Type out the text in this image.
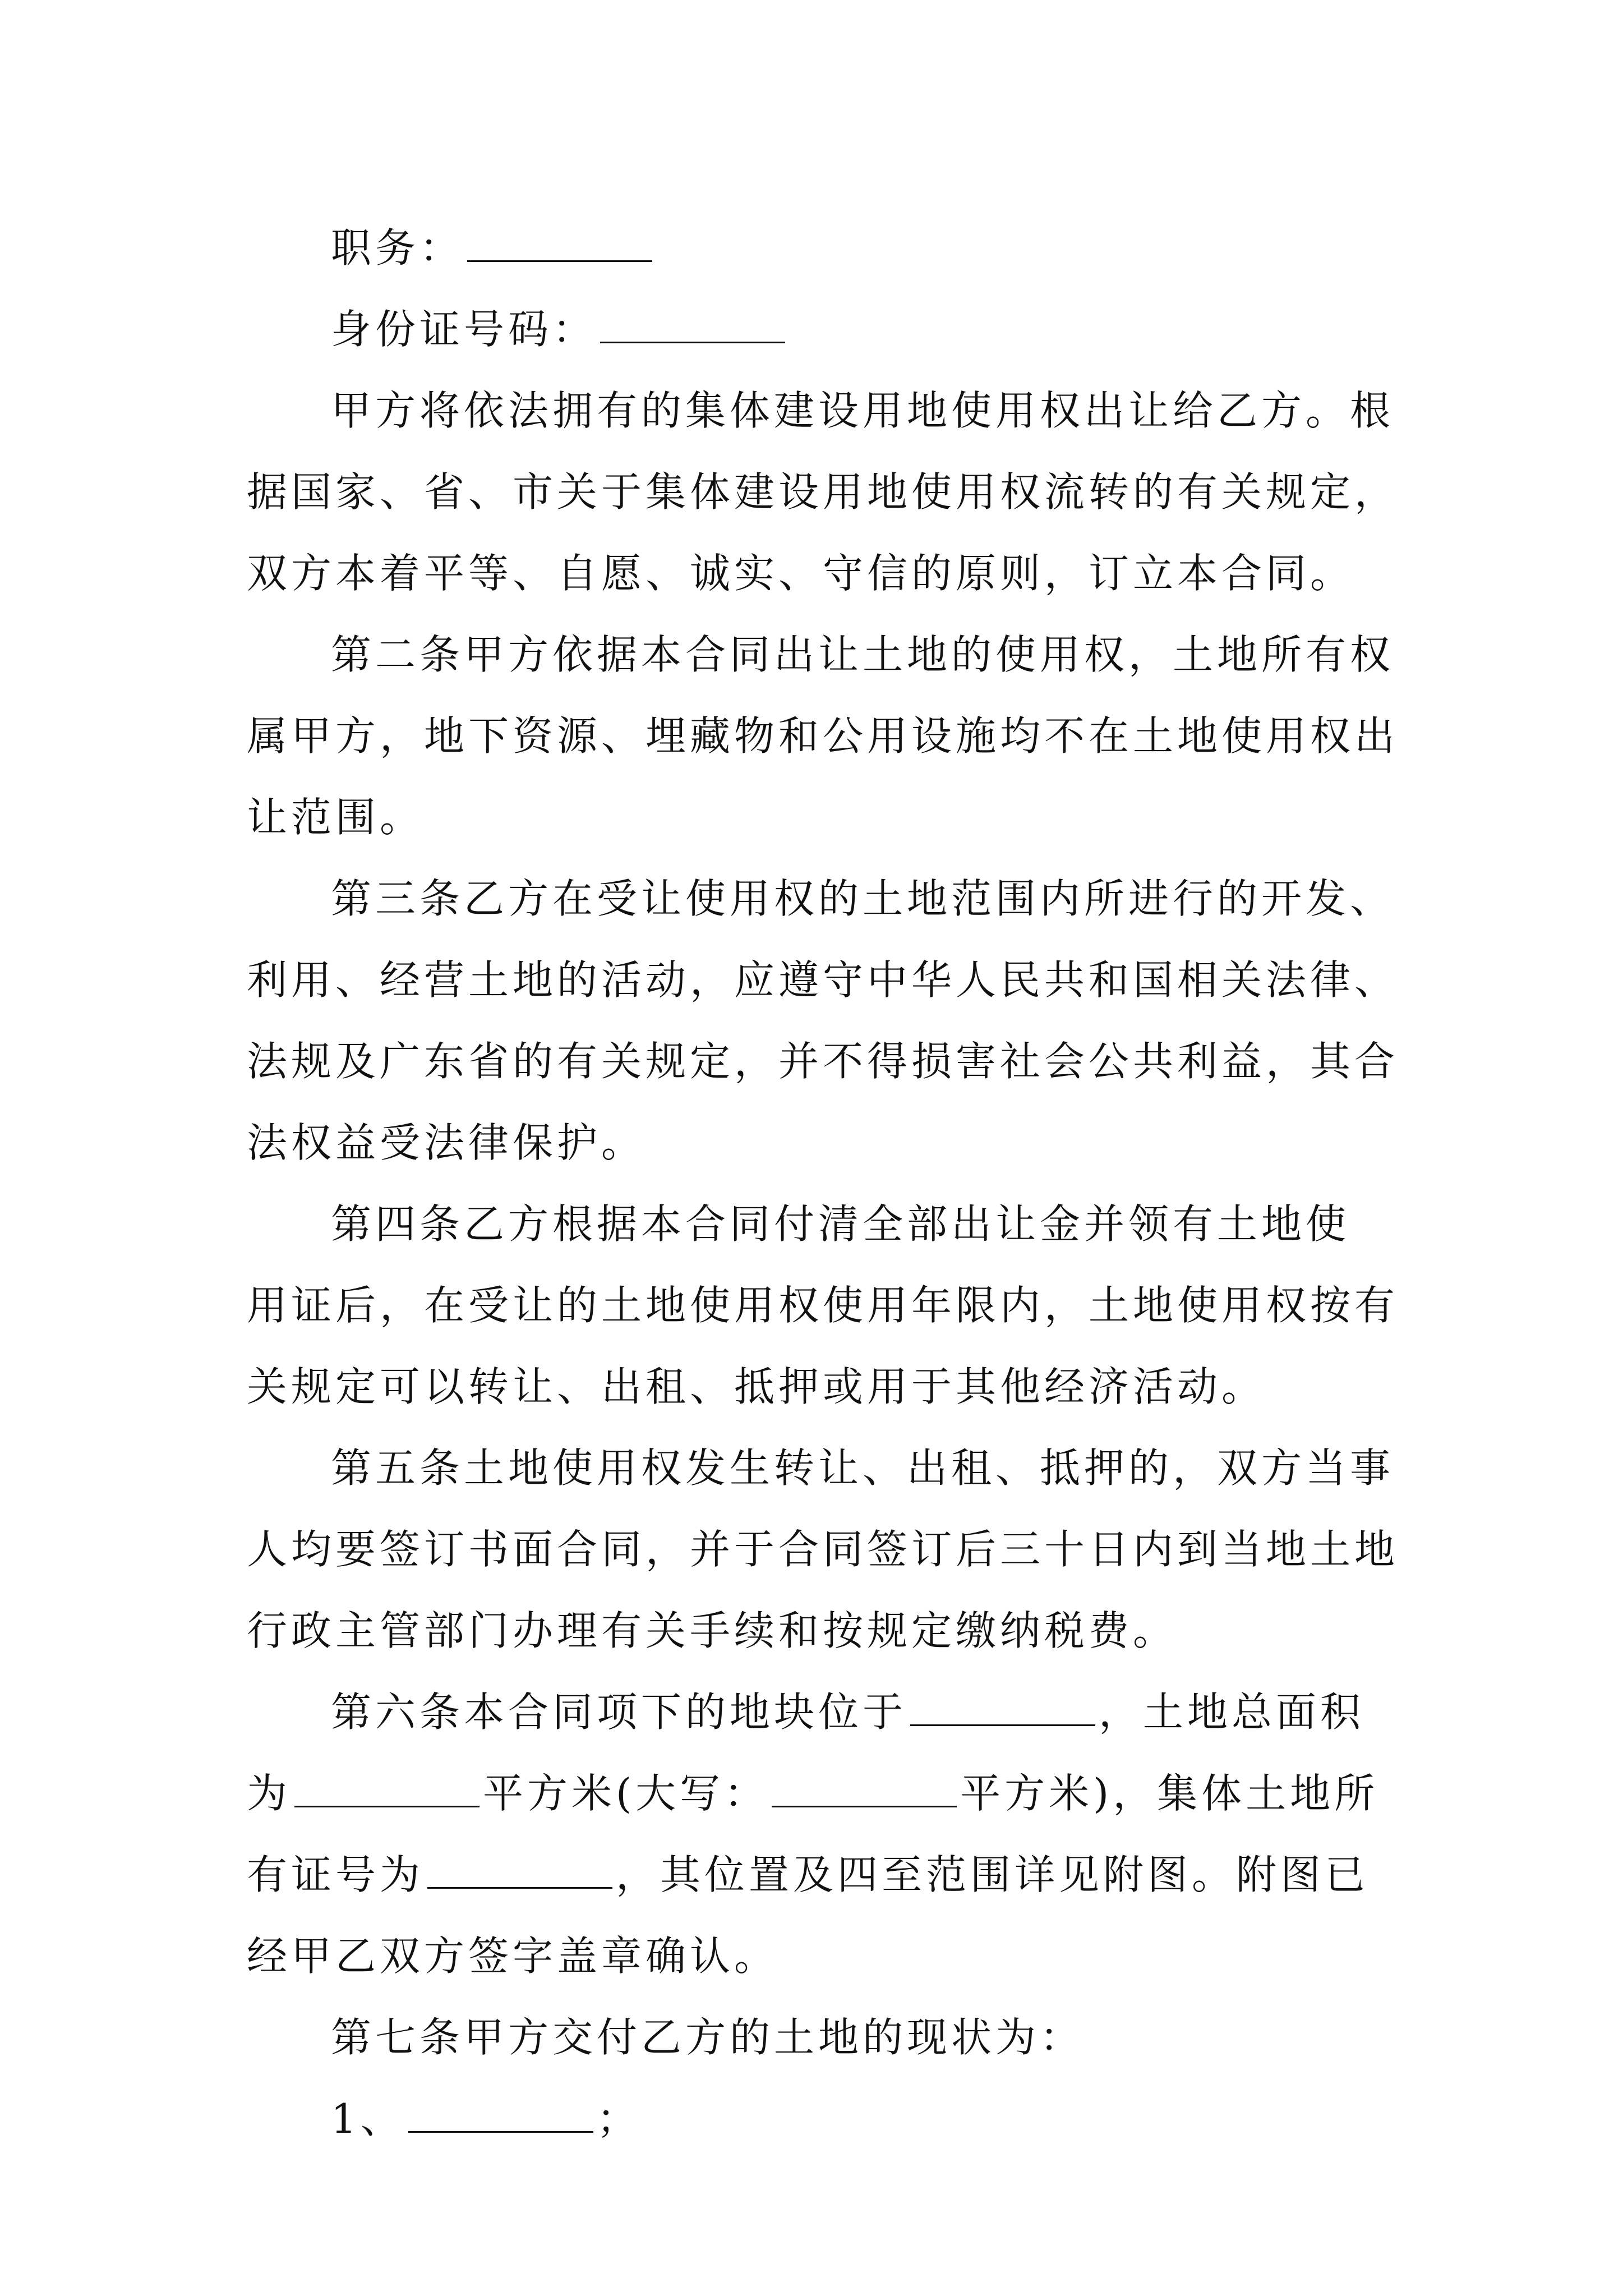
职务：
身份证号码：
甲方将依法拥有的集体建设用地使用权出让给乙方。根
据国家、省、市关于集体建设用地使用权流转的有关规定，
双方本着平等、自愿、诚实、守信的原则，订立本合同。
第二条甲方依据本合同出让土地的使用权，土地所有权
属甲方，地下资源、埋藏物和公用设施均不在土地使用权出
让范围。
第三条乙方在受让使用权的土地范围内所进行的开发、
利用、经营土地的活动，应遵守中华人民共和国相关法律、
法规及广东省的有关规定，并不得损害社会公共利益，其合
法权益受法律保护。
第四条乙方根据本合同付清全部出让金并领有土地使
用证后，在受让的土地使用权使用年限内，土地使用权按有
关规定可以转让、出租、抵押或用于其他经济活动。
第五条土地使用权发生转让、出租、抵押的，双方当事
人均要签订书面合同，并于合同签订后三十日内到当地土地
行政主管部门办理有关手续和按规定缴纳税费。
第六条本合同项下的地块位于	，土地总面积
为	平方米(大写：	平方米)，集体土地所
有证号为	，其位置及四至范围详见附图。附图已
经甲乙双方签字盖章确认。
第七条甲方交付乙方的土地的现状为：
1、	；
